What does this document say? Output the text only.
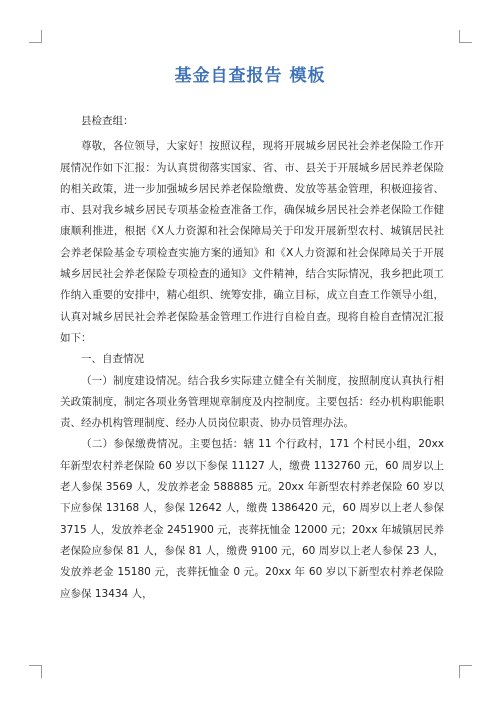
基金自查报告 模板

县检查组：

尊敬，各位领导，大家好！按照议程，现将开展城乡居民社会养老保险工作开展情况作如下汇报：为认真贯彻落实国家、省、市、县关于开展城乡居民养老保险的相关政策，进一步加强城乡居民养老保险缴费、发放等基金管理，积极迎接省、市、县对我乡城乡居民专项基金检查准备工作，确保城乡居民社会养老保险工作健康顺利推进，根据《X人力资源和社会保障局关于印发开展新型农村、城镇居民社会养老保险基金专项检查实施方案的通知》和《X人力资源和社会保障局关于开展城乡居民社会养老保险专项检查的通知》文件精神，结合实际情况，我乡把此项工作纳入重要的安排中，精心组织、统筹安排，确立目标，成立自查工作领导小组，认真对城乡居民社会养老保险基金管理工作进行自检自查。现将自检自查情况汇报如下：

一、自查情况

（一）制度建设情况。结合我乡实际建立健全有关制度，按照制度认真执行相关政策制度，制定各项业务管理规章制度及内控制度。主要包括：经办机构职能职责、经办机构管理制度、经办人员岗位职责、协办员管理办法。

（二）参保缴费情况。主要包括：辖 11 个行政村，171 个村民小组，20xx 年新型农村养老保险 60 岁以下参保 11127 人，缴费 1132760 元，60 周岁以上老人参保 3569 人，发放养老金 588885 元。20xx 年新型农村养老保险 60 岁以下应参保 13168 人，参保 12642 人，缴费 1386420 元，60 周岁以上老人参保 3715 人，发放养老金 2451900 元，丧葬抚恤金 12000 元；20xx 年城镇居民养老保险应参保 81 人，参保 81 人，缴费 9100 元，60 周岁以上老人参保 23 人，发放养老金 15180 元，丧葬抚恤金 0 元。20xx 年 60 岁以下新型农村养老保险应参保 13434 人，
